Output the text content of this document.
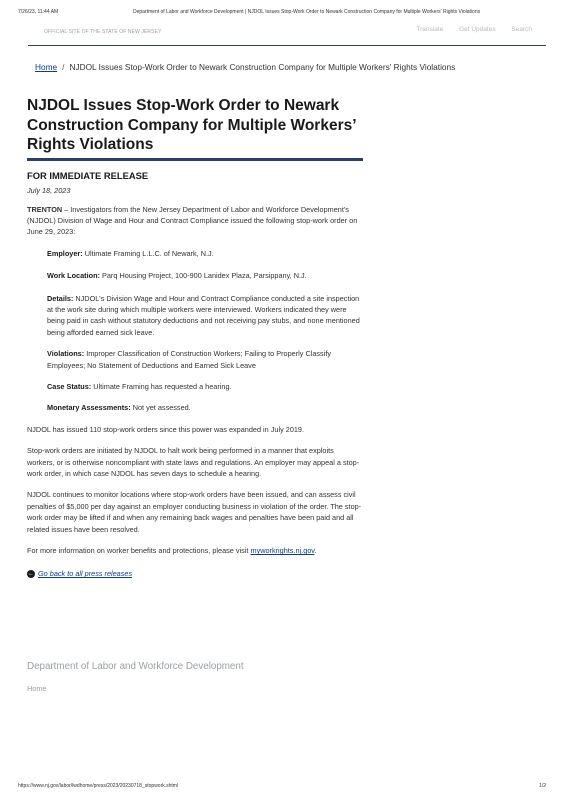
7/26/23, 11:44 AM	Department of Labor and Workforce Development | NJDOL Issues Stop-Work Order to Newark Construction Company for Multiple Workers' Rights Violations
OFFICIAL SITE OF THE STATE OF NEW JERSEY	Translate Get Updates Search
Home / NJDOL Issues Stop-Work Order to Newark Construction Company for Multiple Workers' Rights Violations
NJDOL Issues Stop-Work Order to Newark Construction Company for Multiple Workers’ Rights Violations
FOR IMMEDIATE RELEASE
July 18, 2023

TRENTON – Investigators from the New Jersey Department of Labor and Workforce Development's (NJDOL) Division of Wage and Hour and Contract Compliance issued the following stop-work order on June 29, 2023:

Employer: Ultimate Framing L.L.C. of Newark, N.J.

Work Location: Parq Housing Project, 100-900 Lanidex Plaza, Parsippany, N.J.

Details: NJDOL's Division Wage and Hour and Contract Compliance conducted a site inspection at the work site during which multiple workers were interviewed. Workers indicated they were being paid in cash without statutory deductions and not receiving pay stubs, and none mentioned being afforded earned sick leave.

Violations: Improper Classification of Construction Workers; Failing to Properly Classify Employees; No Statement of Deductions and Earned Sick Leave

Case Status: Ultimate Framing has requested a hearing.

Monetary Assessments: Not yet assessed.

NJDOL has issued 110 stop-work orders since this power was expanded in July 2019.

Stop-work orders are initiated by NJDOL to halt work being performed in a manner that exploits workers, or is otherwise noncompliant with state laws and regulations. An employer may appeal a stop-work order, in which case NJDOL has seven days to schedule a hearing.

NJDOL continues to monitor locations where stop-work orders have been issued, and can assess civil penalties of $5,000 per day against an employer conducting business in violation of the order. The stop-work order may be lifted if and when any remaining back wages and penalties have been paid and all related issues have been resolved.

For more information on worker benefits and protections, please visit myworkrights.nj.gov.

← Go back to all press releases
Department of Labor and Workforce Development
Home
https://www.nj.gov/labor/lwdhome/press/2023/20230718_stopwork.shtml	1/2
